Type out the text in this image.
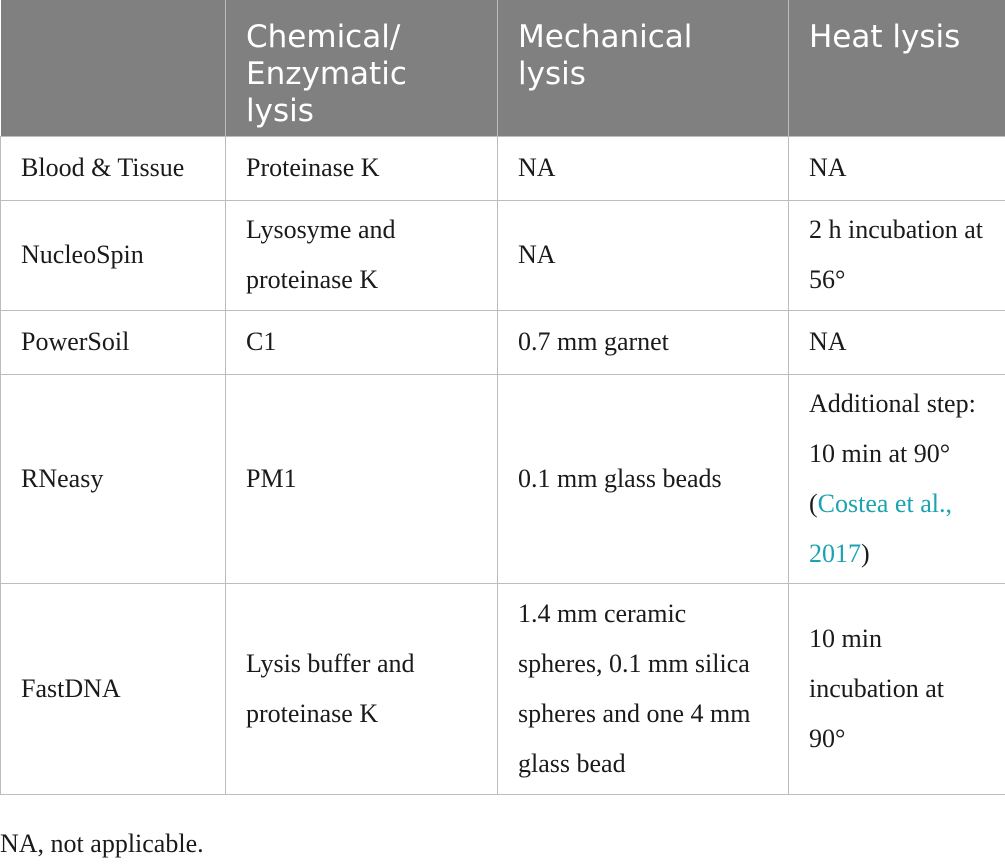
	Chemical/ Enzymatic lysis	Mechanical lysis	Heat lysis
Blood & Tissue	Proteinase K	NA	NA
NucleoSpin	Lysosyme and proteinase K	NA	2 h incubation at 56°
PowerSoil	C1	0.7 mm garnet	NA
RNeasy	PM1	0.1 mm glass beads	Additional step: 10 min at 90° (Costea et al., 2017)
FastDNA	Lysis buffer and proteinase K	1.4 mm ceramic spheres, 0.1 mm silica spheres and one 4 mm glass bead	10 min incubation at 90°
NA, not applicable.
